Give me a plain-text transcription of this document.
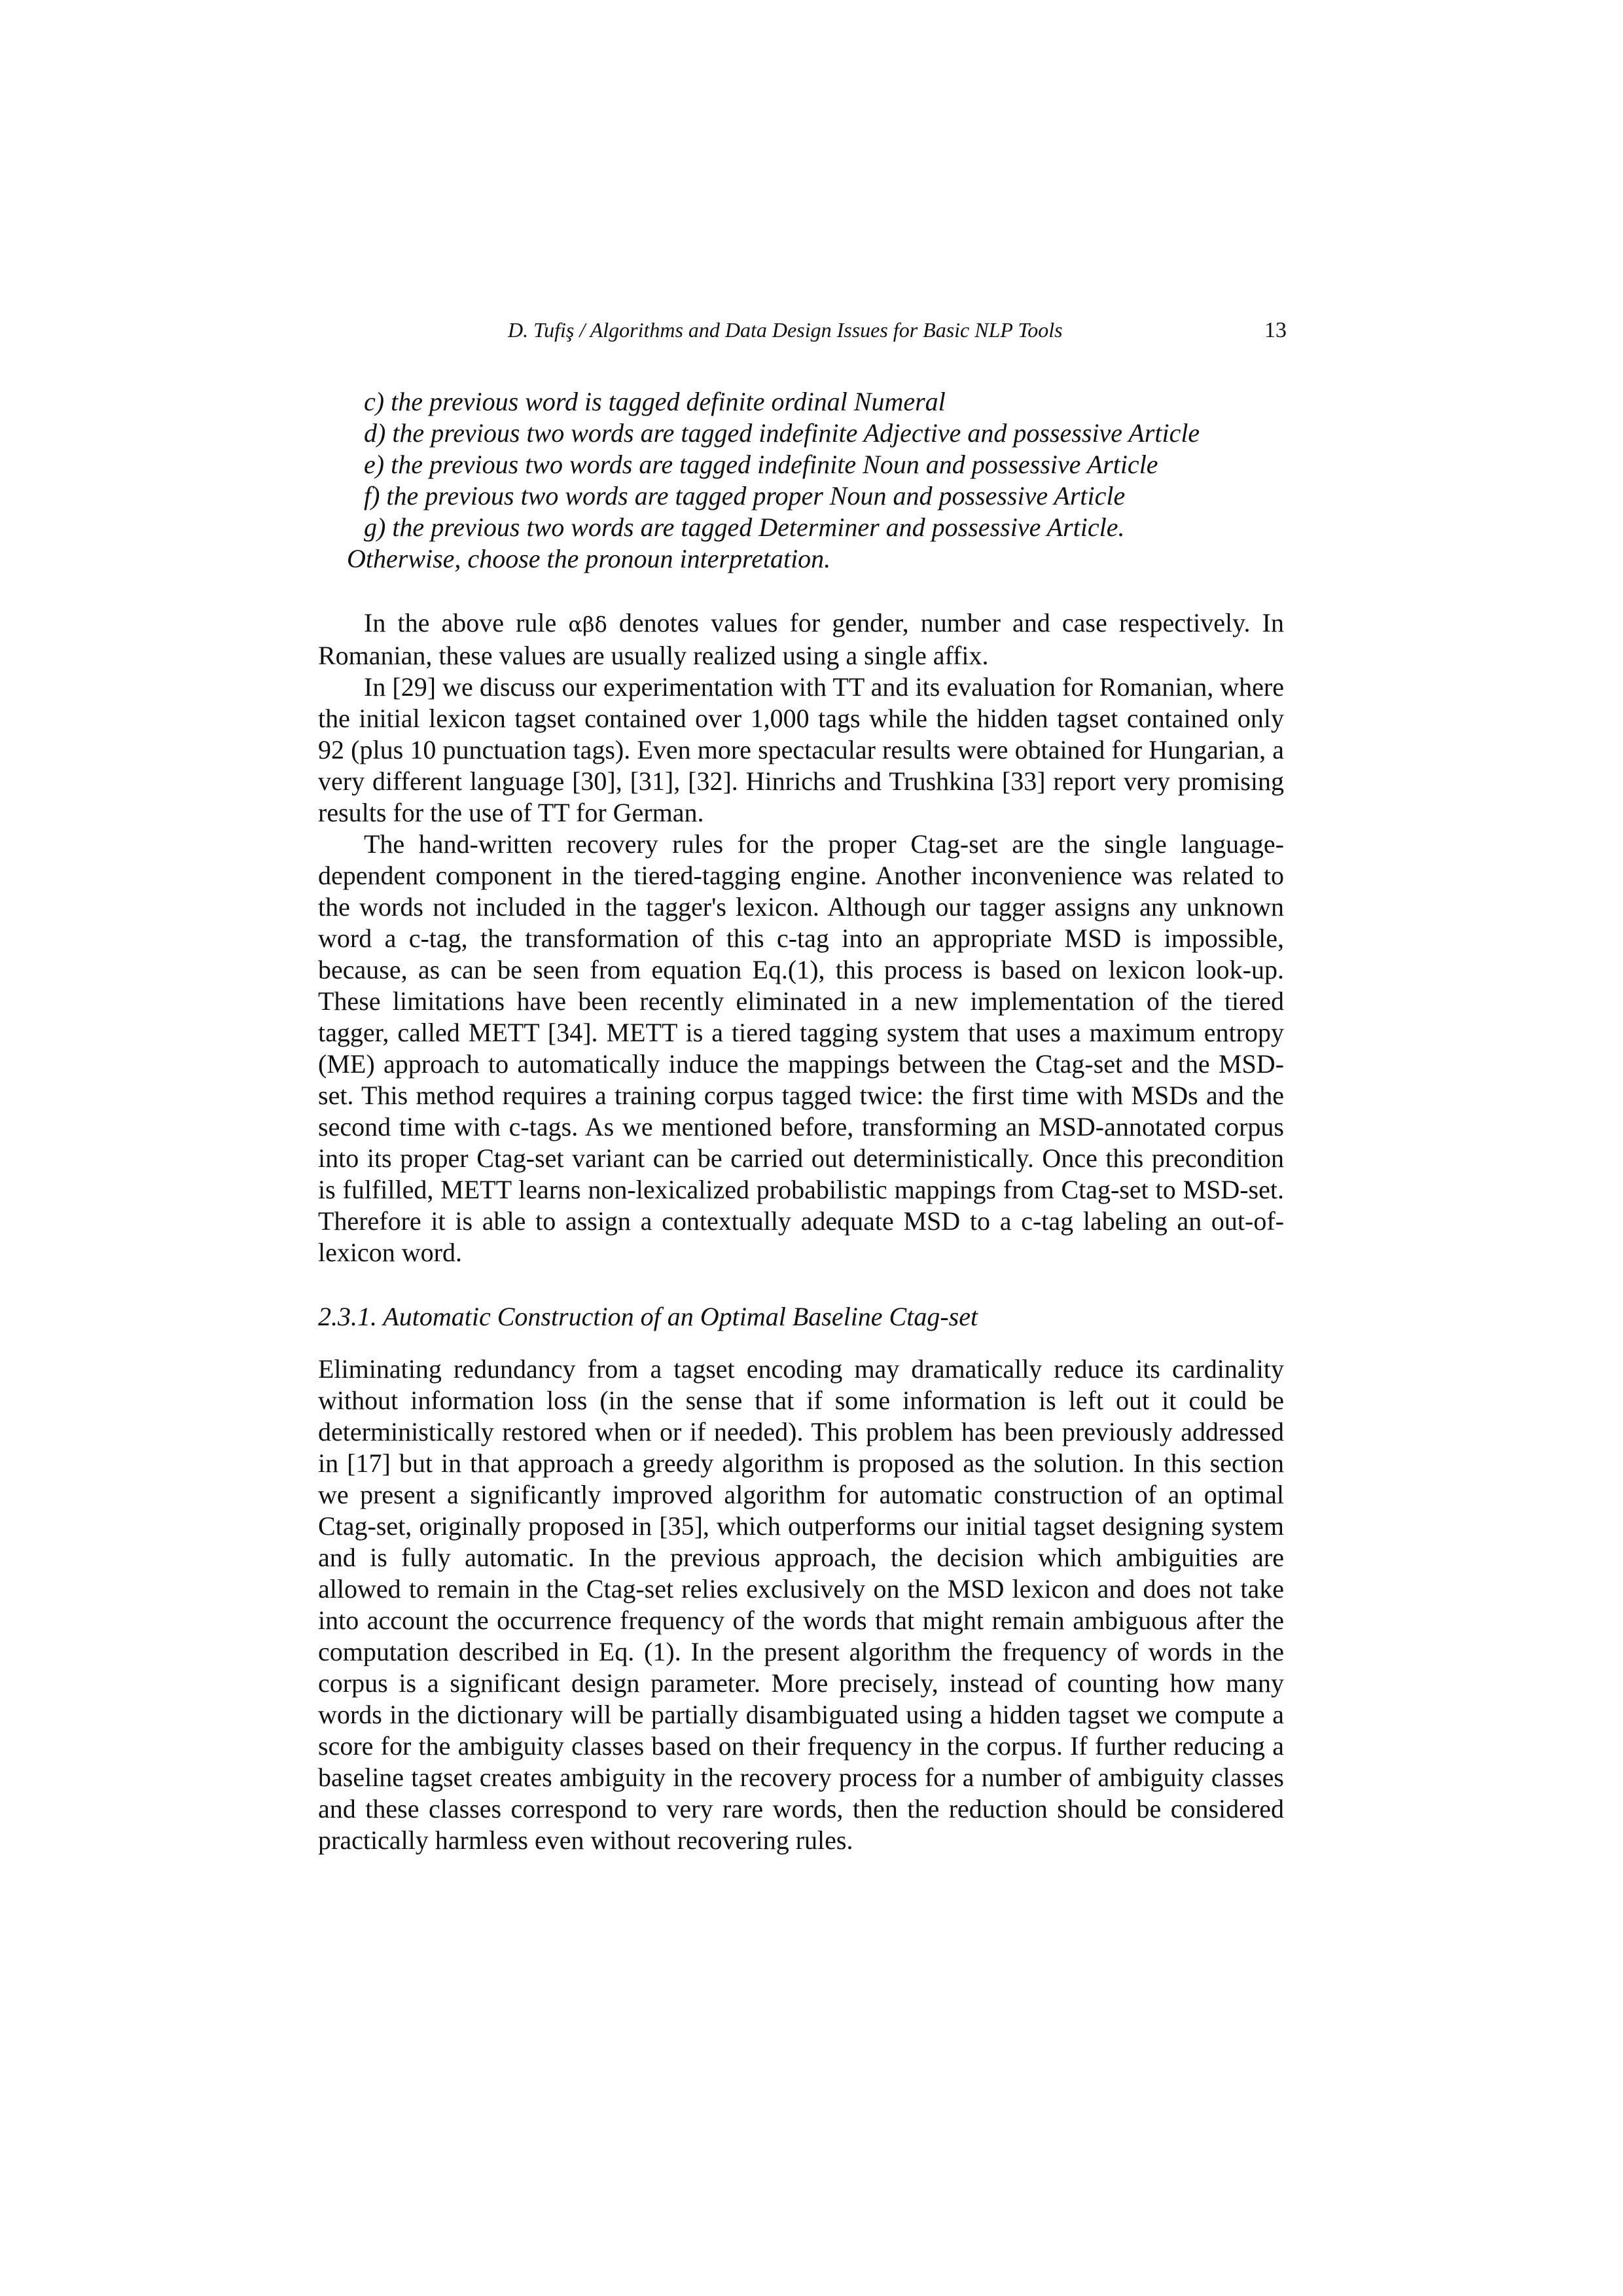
D. Tufiş / Algorithms and Data Design Issues for Basic NLP Tools	13
c) the previous word is tagged definite ordinal Numeral
d) the previous two words are tagged indefinite Adjective and possessive Article
e) the previous two words are tagged indefinite Noun and possessive Article
f) the previous two words are tagged proper Noun and possessive Article
g) the previous two words are tagged Determiner and possessive Article.
Otherwise, choose the pronoun interpretation.

In the above rule αβδ denotes values for gender, number and case respectively. In Romanian, these values are usually realized using a single affix.

In [29] we discuss our experimentation with TT and its evaluation for Romanian, where the initial lexicon tagset contained over 1,000 tags while the hidden tagset contained only 92 (plus 10 punctuation tags). Even more spectacular results were obtained for Hungarian, a very different language [30], [31], [32]. Hinrichs and Trushkina [33] report very promising results for the use of TT for German.

The hand-written recovery rules for the proper Ctag-set are the single language-dependent component in the tiered-tagging engine. Another inconvenience was related to the words not included in the tagger's lexicon. Although our tagger assigns any unknown word a c-tag, the transformation of this c-tag into an appropriate MSD is impossible, because, as can be seen from equation Eq.(1), this process is based on lexicon look-up. These limitations have been recently eliminated in a new implementation of the tiered tagger, called METT [34]. METT is a tiered tagging system that uses a maximum entropy (ME) approach to automatically induce the mappings between the Ctag-set and the MSD-set. This method requires a training corpus tagged twice: the first time with MSDs and the second time with c-tags. As we mentioned before, transforming an MSD-annotated corpus into its proper Ctag-set variant can be carried out deterministically. Once this precondition is fulfilled, METT learns non-lexicalized probabilistic mappings from Ctag-set to MSD-set. Therefore it is able to assign a contextually adequate MSD to a c-tag labeling an out-of-lexicon word.

2.3.1. Automatic Construction of an Optimal Baseline Ctag-set

Eliminating redundancy from a tagset encoding may dramatically reduce its cardinality without information loss (in the sense that if some information is left out it could be deterministically restored when or if needed). This problem has been previously addressed in [17] but in that approach a greedy algorithm is proposed as the solution. In this section we present a significantly improved algorithm for automatic construction of an optimal Ctag-set, originally proposed in [35], which outperforms our initial tagset designing system and is fully automatic. In the previous approach, the decision which ambiguities are allowed to remain in the Ctag-set relies exclusively on the MSD lexicon and does not take into account the occurrence frequency of the words that might remain ambiguous after the computation described in Eq. (1). In the present algorithm the frequency of words in the corpus is a significant design parameter. More precisely, instead of counting how many words in the dictionary will be partially disambiguated using a hidden tagset we compute a score for the ambiguity classes based on their frequency in the corpus. If further reducing a baseline tagset creates ambiguity in the recovery process for a number of ambiguity classes and these classes correspond to very rare words, then the reduction should be considered practically harmless even without recovering rules.
